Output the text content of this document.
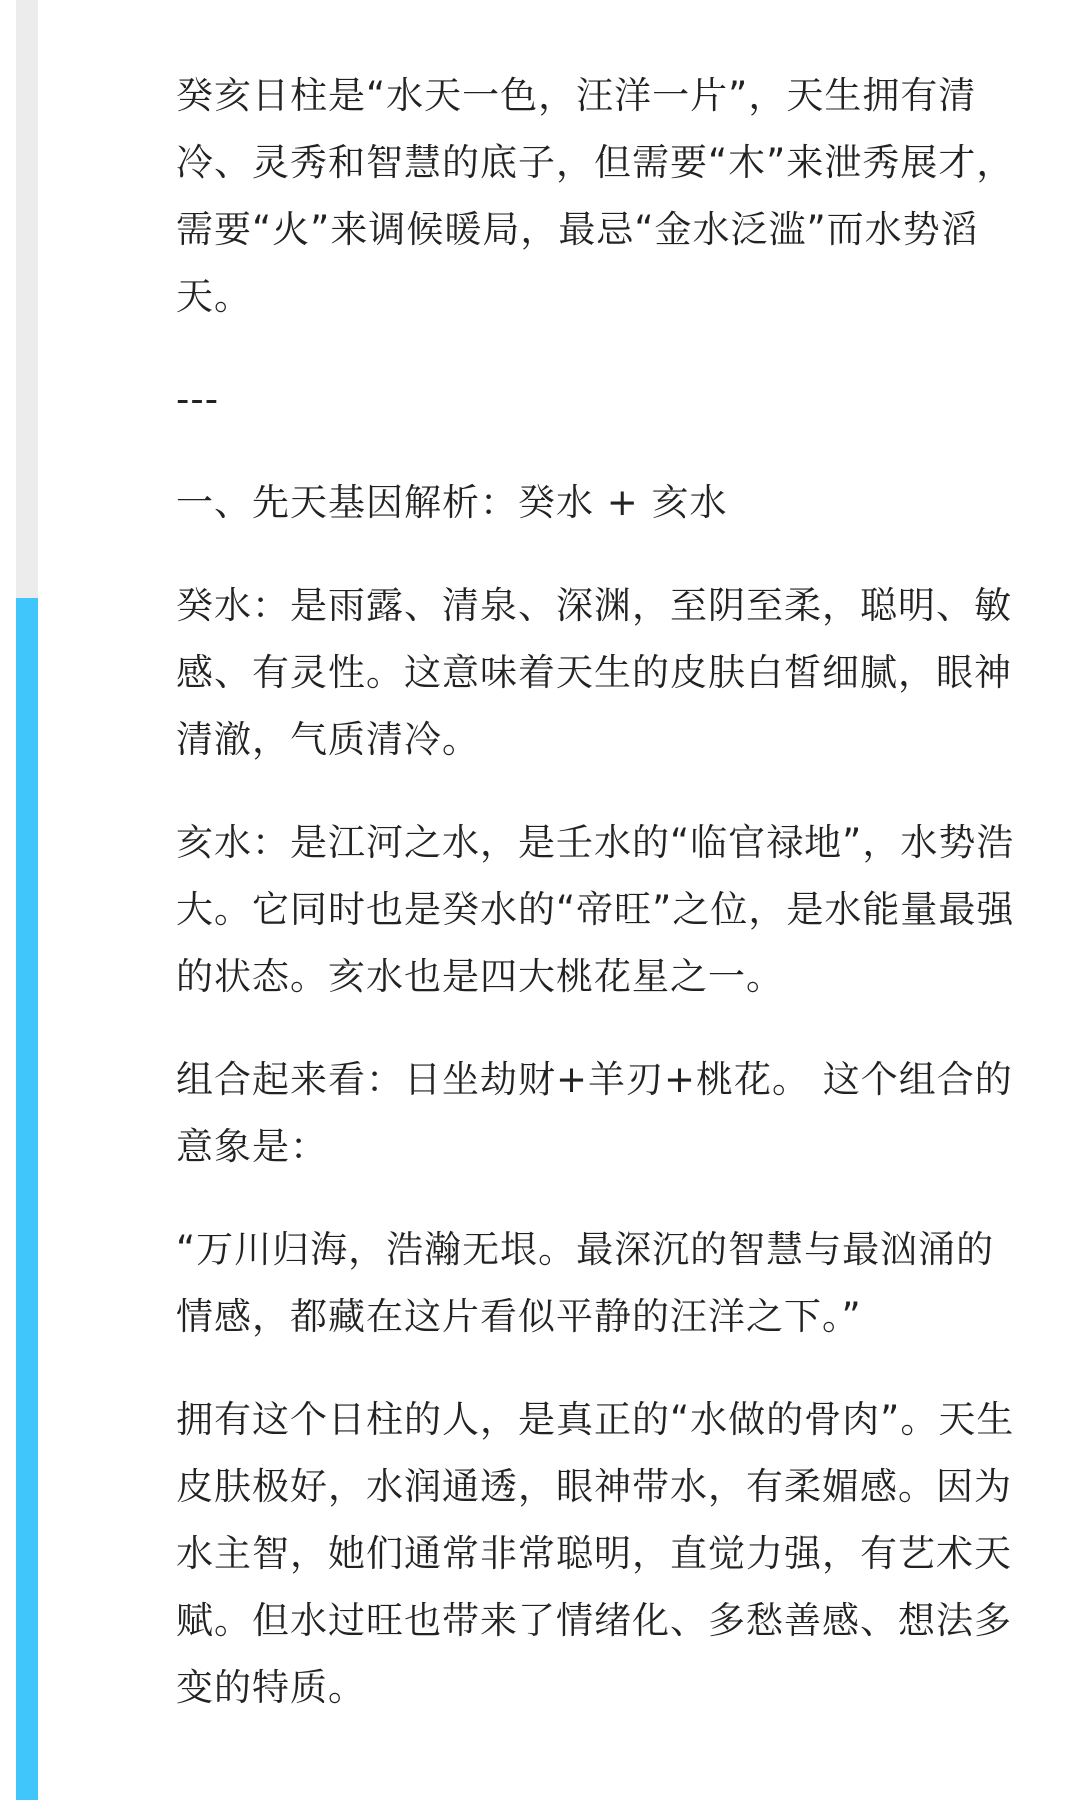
癸亥日柱是“水天一色，汪洋一片”，天生拥有清冷、灵秀和智慧的底子，但需要“木”来泄秀展才，需要“火”来调候暖局，最忌“金水泛滥”而水势滔天。

---

一、先天基因解析：癸水 + 亥水

癸水：是雨露、清泉、深渊，至阴至柔，聪明、敏感、有灵性。这意味着天生的皮肤白皙细腻，眼神清澈，气质清冷。

亥水：是江河之水，是壬水的“临官禄地”，水势浩大。它同时也是癸水的“帝旺”之位，是水能量最强的状态。亥水也是四大桃花星之一。

组合起来看：日坐劫财+羊刃+桃花。 这个组合的意象是：

“万川归海，浩瀚无垠。最深沉的智慧与最汹涌的情感，都藏在这片看似平静的汪洋之下。”

拥有这个日柱的人，是真正的“水做的骨肉”。天生皮肤极好，水润通透，眼神带水，有柔媚感。因为水主智，她们通常非常聪明，直觉力强，有艺术天赋。但水过旺也带来了情绪化、多愁善感、想法多变的特质。
